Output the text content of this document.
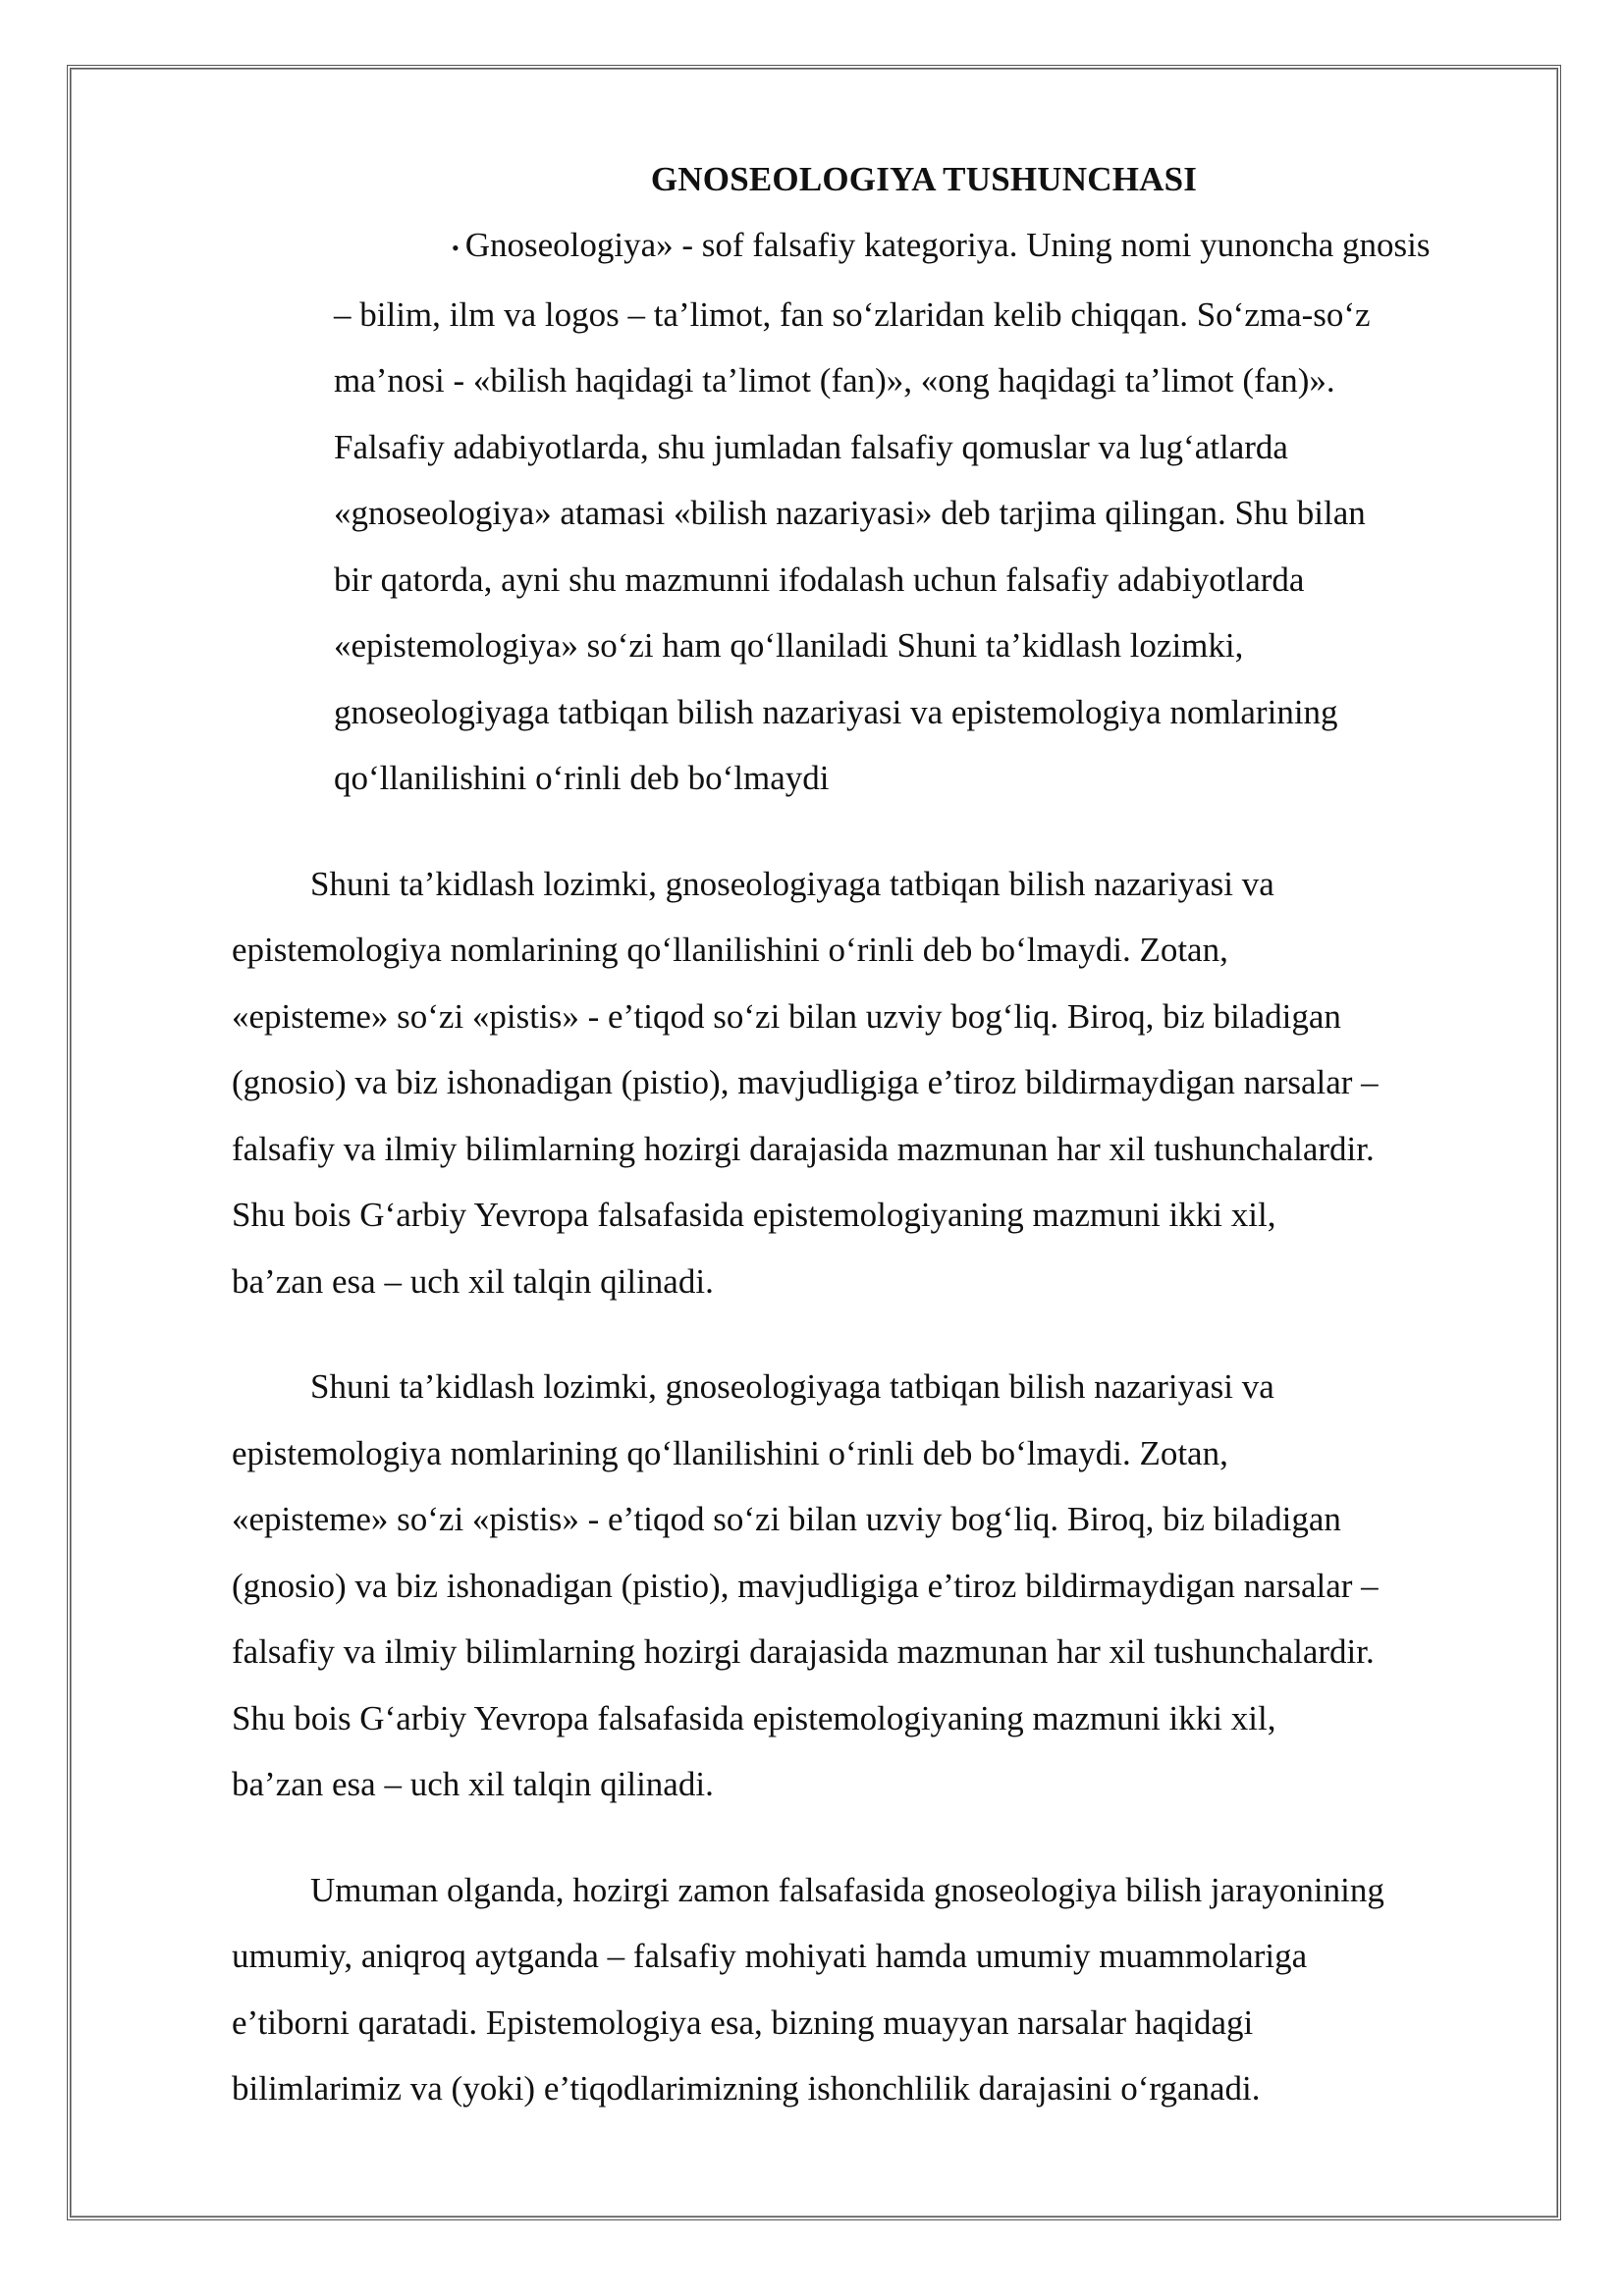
GNOSEOLOGIYA TUSHUNCHASI
• Gnoseologiya» - sof falsafiy kategoriya. Uning nomi yunoncha gnosis
– bilim, ilm va logos – ta’limot, fan so‘zlaridan kelib chiqqan. So‘zma-so‘z
ma’nosi - «bilish haqidagi ta’limot (fan)», «ong haqidagi ta’limot (fan)».
Falsafiy adabiyotlarda, shu jumladan falsafiy qomuslar va lug‘atlarda
«gnoseologiya» atamasi «bilish nazariyasi» deb tarjima qilingan. Shu bilan
bir qatorda, ayni shu mazmunni ifodalash uchun falsafiy adabiyotlarda
«epistemologiya» so‘zi ham qo‘llaniladi Shuni ta’kidlash lozimki,
gnoseologiyaga tatbiqan bilish nazariyasi va epistemologiya nomlarining
qo‘llanilishini o‘rinli deb bo‘lmaydi
Shuni ta’kidlash lozimki, gnoseologiyaga tatbiqan bilish nazariyasi va
epistemologiya nomlarining qo‘llanilishini o‘rinli deb bo‘lmaydi. Zotan,
«episteme» so‘zi «pistis» - e’tiqod so‘zi bilan uzviy bog‘liq. Biroq, biz biladigan
(gnosio) va biz ishonadigan (pistio), mavjudligiga e’tiroz bildirmaydigan narsalar –
falsafiy va ilmiy bilimlarning hozirgi darajasida mazmunan har xil tushunchalardir.
Shu bois G‘arbiy Yevropa falsafasida epistemologiyaning mazmuni ikki xil,
ba’zan esa – uch xil talqin qilinadi.
Shuni ta’kidlash lozimki, gnoseologiyaga tatbiqan bilish nazariyasi va
epistemologiya nomlarining qo‘llanilishini o‘rinli deb bo‘lmaydi. Zotan,
«episteme» so‘zi «pistis» - e’tiqod so‘zi bilan uzviy bog‘liq. Biroq, biz biladigan
(gnosio) va biz ishonadigan (pistio), mavjudligiga e’tiroz bildirmaydigan narsalar –
falsafiy va ilmiy bilimlarning hozirgi darajasida mazmunan har xil tushunchalardir.
Shu bois G‘arbiy Yevropa falsafasida epistemologiyaning mazmuni ikki xil,
ba’zan esa – uch xil talqin qilinadi.
Umuman olganda, hozirgi zamon falsafasida gnoseologiya bilish jarayonining
umumiy, aniqroq aytganda – falsafiy mohiyati hamda umumiy muammolariga
e’tiborni qaratadi. Epistemologiya esa, bizning muayyan narsalar haqidagi
bilimlarimiz va (yoki) e’tiqodlarimizning ishonchlilik darajasini o‘rganadi.
